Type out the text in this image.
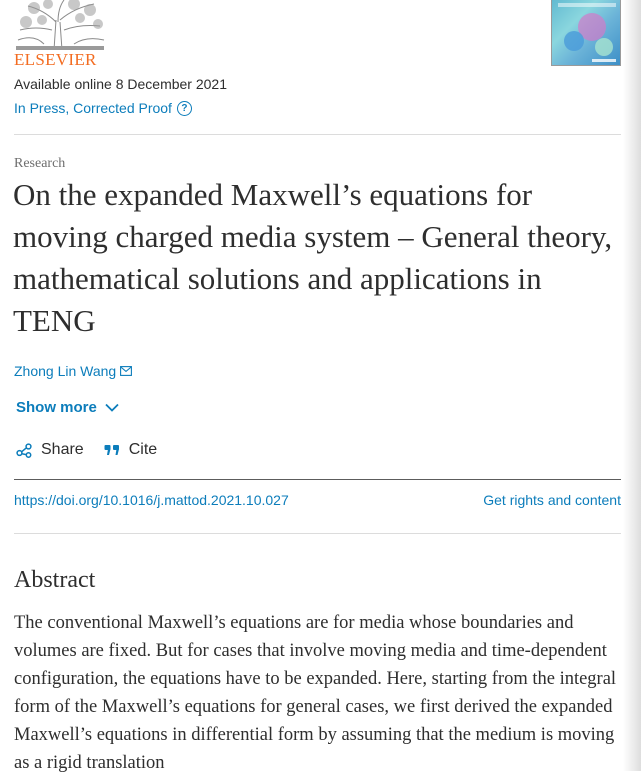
ELSEVIER
Available online 8 December 2021
In Press, Corrected Proof ?
Research
On the expanded Maxwell’s equations for moving charged media system – General theory, mathematical solutions and applications in TENG
Zhong Lin Wang
Show more
Share	Cite
https://doi.org/10.1016/j.mattod.2021.10.027	Get rights and content
Abstract

The conventional Maxwell’s equations are for media whose boundaries and volumes are fixed. But for cases that involve moving media and time-dependent configuration, the equations have to be expanded. Here, starting from the integral form of the Maxwell’s equations for general cases, we first derived the expanded Maxwell’s equations in differential form by assuming that the medium is moving as a rigid translation
